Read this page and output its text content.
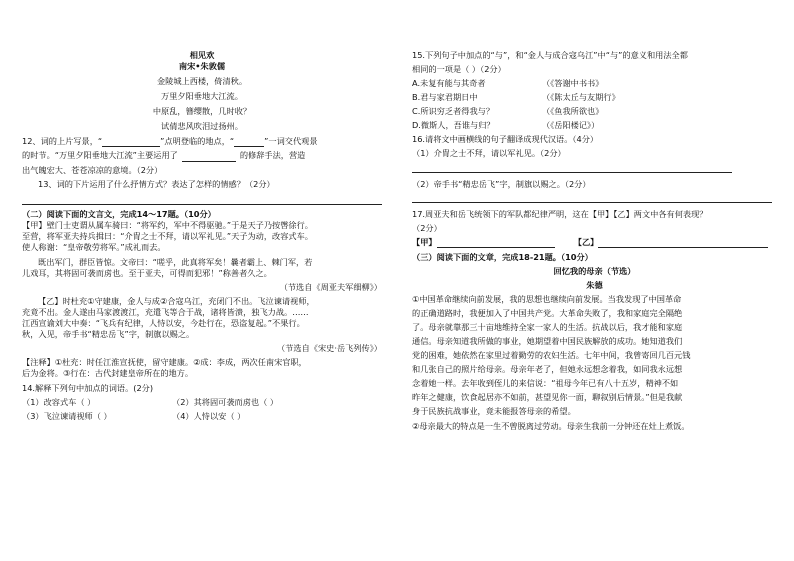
相见欢

南宋•朱敦儒

金陵城上西楼，倚清秋。

万里夕阳垂地大江流。

中原乱，簪缨散，几时收？

试倩悲风吹泪过扬州。

12、词的上片写景，“	”点明登临的地点，“	”一词交代观景

的时节。“万里夕阳垂地大江流”主要运用了	的修辞手法，营造

出气魄宏大、苍苍凉凉的意境。（2分）

13、词的下片运用了什么抒情方式？表达了怎样的情感？（2分）

（二）阅读下面的文言文，完成14～17题。（10分）

【甲】壁门士吏谓从属车骑曰：“将军约，军中不得驱驰。”于是天子乃按辔徐行。

至营，将军亚夫持兵揖曰：“介胄之士不拜，请以军礼见。”天子为动，改容式车。

使人称谢：“皇帝敬劳将军。”成礼而去。

既出军门，群臣皆惊。文帝曰：“嗟乎，此真将军矣！曩者霸上、棘门军，若

儿戏耳，其将固可袭而虏也。至于亚夫，可得而犯邪！”称善者久之。

（节选自《周亚夫军细柳》）

【乙】时杜充①守建康，金人与成②合寇乌江，充闭门不出。飞泣谏请视师，

充竟不出。金人遂由马家渡渡江，充遣飞等合于战，诸将皆溃，独飞力战。……

江西宣谕刘大中奏：“飞兵有纪律，人恃以安，今赴行在，恐盗复起。”不果行。

秋，入见，帝手书“精忠岳飞”字，制旗以赐之。

（节选自《宋史·岳飞列传》）

【注释】①杜充：时任江淮宣抚使，留守建康。②成：李成，两次任南宋官职，

后为金将。③行在：古代封建皇帝所在的地方。

14.解释下列句中加点的词语。(2分)

（1）改容式车（ ）	（2）其将固可袭而虏也（ ）
（3）飞泣谏请视师（ ）	（4）人恃以安（ ）

15.下列句子中加点的“与”，和“金人与成合寇乌江”中“与”的意义和用法全都

相同的一项是（ ）（2分）

A.未复有能与其奇者	（《答谢中书书》

B.君与家君期日中	（《陈太丘与友期行》

C.所识穷乏者得我与？	（《鱼我所欲也》

D.微斯人，吾谁与归？	（《岳阳楼记》）

16.请将文中画横线的句子翻译成现代汉语。（4分）

（1）介胄之士不拜，请以军礼见。（2分）

（2）帝手书“精忠岳飞”字，制旗以赐之。（2分）

17.周亚夫和岳飞统领下的军队都纪律严明，这在【甲】【乙】两文中各有何表现？

（2分）

【甲】	【乙】

（三）阅读下面的文章，完成18-21题。（10分）

回忆我的母亲（节选）

朱德

①中国革命继续向前发展，我的思想也继续向前发展。当我发现了中国革命

的正确道路时，我便加入了中国共产党。大革命失败了，我和家庭完全隔绝

了。母亲就靠那三十亩地维持全家一家人的生活。抗战以后，我才能和家庭

通信。母亲知道我所做的事业，她期望着中国民族解放的成功。她知道我们

党的困难，她依然在家里过着勤劳的农妇生活。七年中间，我曾寄回几百元钱

和几张自己的照片给母亲。母亲年老了，但她永远想念着我，如同我永远想

念着她一样。去年收到侄儿的来信说：“祖母今年已有八十五岁，精神不如

昨年之健康，饮食起居亦不如前，甚望见你一面，聊叙别后情景。”但是我献

身于民族抗战事业，竟未能报答母亲的希望。

②母亲最大的特点是一生不曾脱离过劳动。母亲生我前一分钟还在灶上煮饭。
